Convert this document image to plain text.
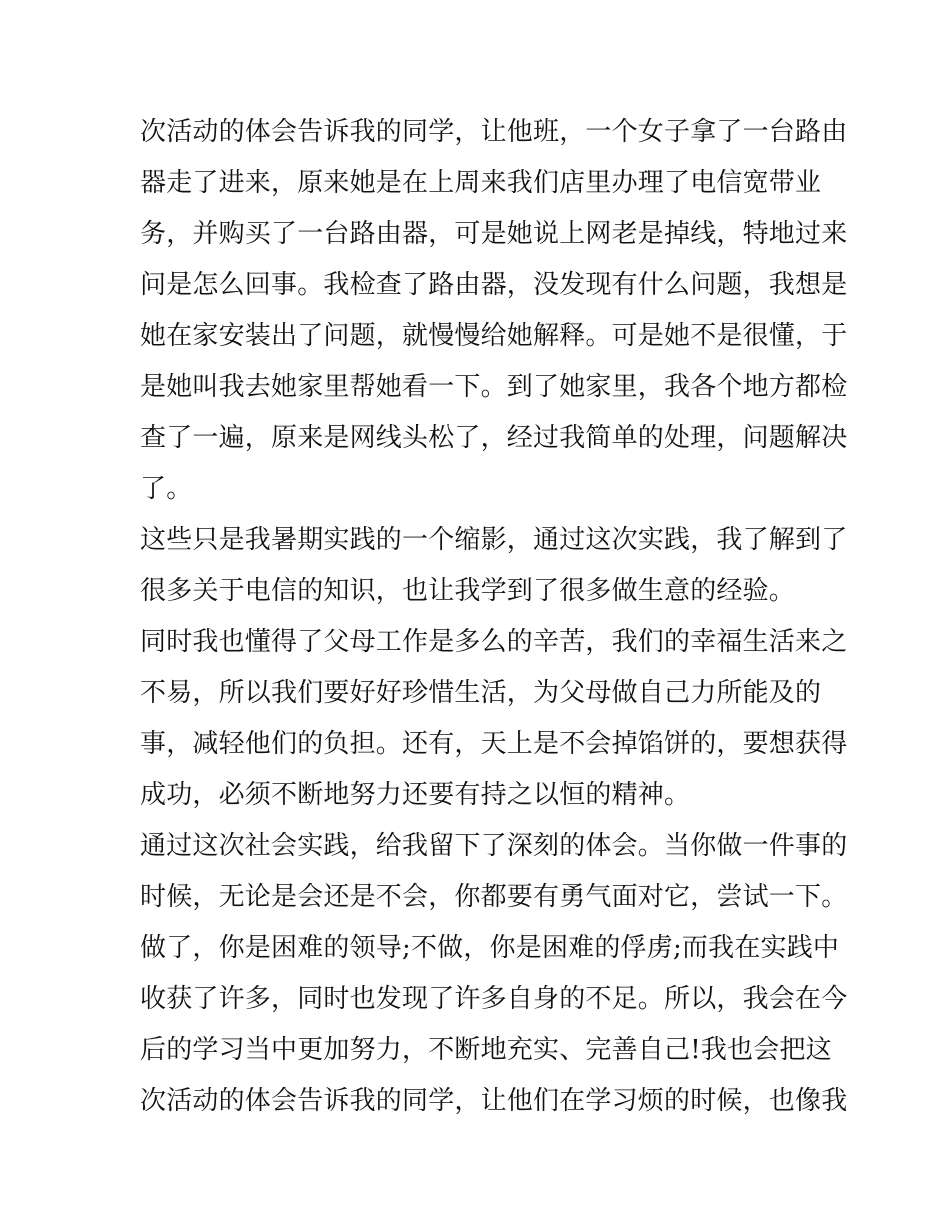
次活动的体会告诉我的同学，让他班，一个女子拿了一台路由
器走了进来，原来她是在上周来我们店里办理了电信宽带业
务，并购买了一台路由器，可是她说上网老是掉线，特地过来
问是怎么回事。我检查了路由器，没发现有什么问题，我想是
她在家安装出了问题，就慢慢给她解释。可是她不是很懂，于
是她叫我去她家里帮她看一下。到了她家里，我各个地方都检
查了一遍，原来是网线头松了，经过我简单的处理，问题解决
了。
这些只是我暑期实践的一个缩影，通过这次实践，我了解到了
很多关于电信的知识，也让我学到了很多做生意的经验。
同时我也懂得了父母工作是多么的辛苦，我们的幸福生活来之
不易，所以我们要好好珍惜生活，为父母做自己力所能及的
事，减轻他们的负担。还有，天上是不会掉馅饼的，要想获得
成功，必须不断地努力还要有持之以恒的精神。
通过这次社会实践，给我留下了深刻的体会。当你做一件事的
时候，无论是会还是不会，你都要有勇气面对它，尝试一下。
做了，你是困难的领导;不做，你是困难的俘虏;而我在实践中
收获了许多，同时也发现了许多自身的不足。所以，我会在今
后的学习当中更加努力，不断地充实、完善自己!我也会把这
次活动的体会告诉我的同学，让他们在学习烦的时候，也像我
